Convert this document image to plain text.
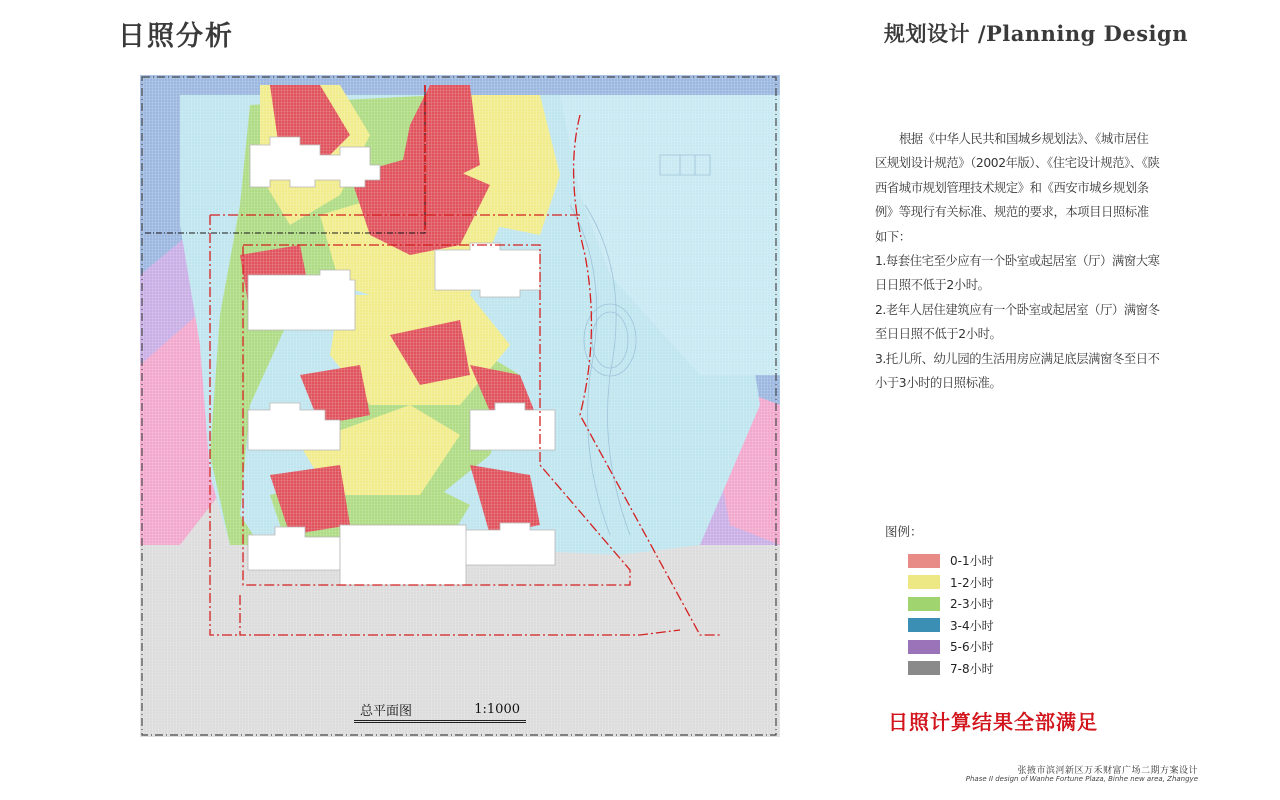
日照分析	规划设计 /Planning Design
总平面图	1:1000

根据《中华人民共和国城乡规划法》、《城市居住区规划设计规范》（2002年版）、《住宅设计规范》、《陕西省城市规划管理技术规定》和《西安市城乡规划条例》等现行有关标准、规范的要求，本项目日照标准如下：

1.每套住宅至少应有一个卧室或起居室（厅）满窗大寒日日照不低于2小时。

2.老年人居住建筑应有一个卧室或起居室（厅）满窗冬至日日照不低于2小时。

3.托儿所、幼儿园的生活用房应满足底层满窗冬至日不小于3小时的日照标准。

图例：
0-1小时
1-2小时
2-3小时
3-4小时
5-6小时
7-8小时
日照计算结果全部满足
张掖市滨河新区万禾财富广场二期方案设计
Phase II design of Wanhe Fortune Plaza, Binhe new area, Zhangye
